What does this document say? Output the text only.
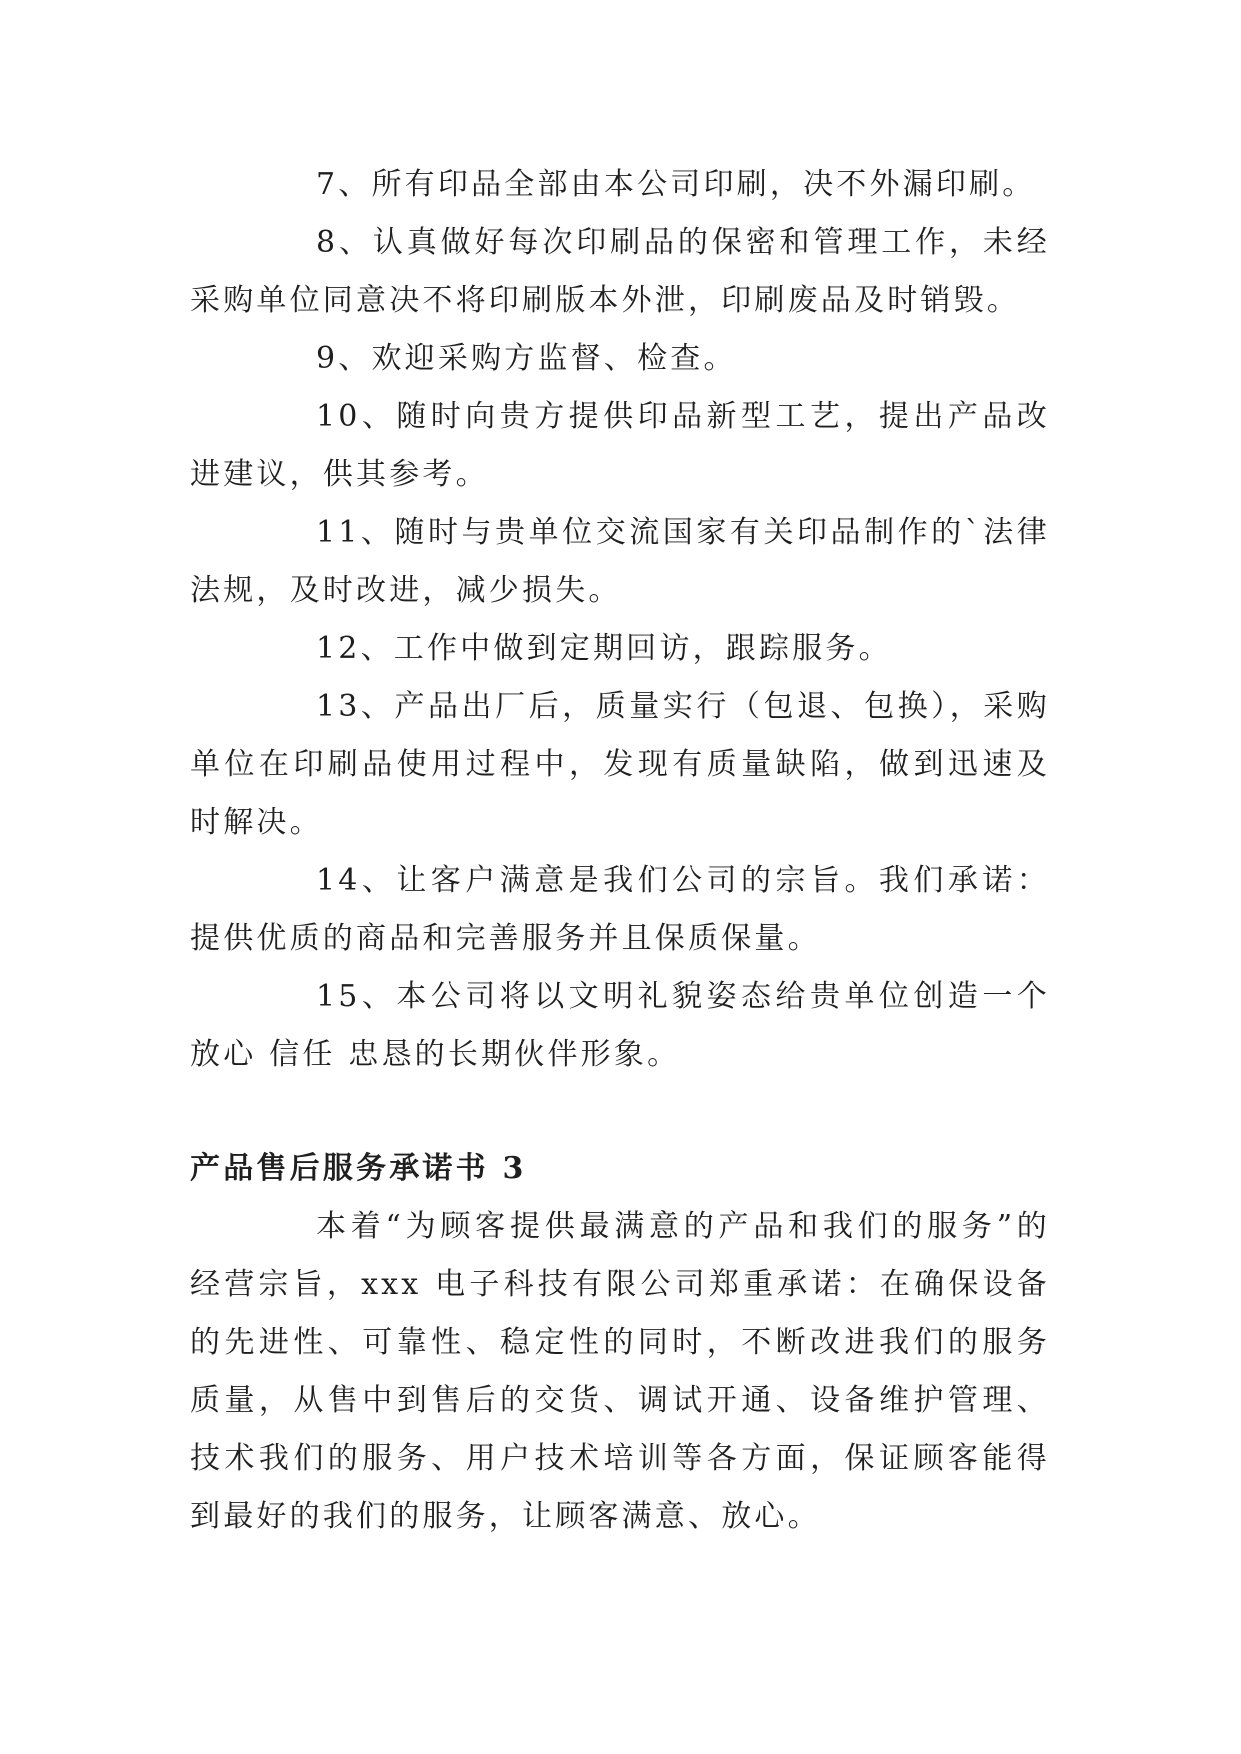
7、所有印品全部由本公司印刷，决不外漏印刷。

8、认真做好每次印刷品的保密和管理工作，未经采购单位同意决不将印刷版本外泄，印刷废品及时销毁。

9、欢迎采购方监督、检查。

10、随时向贵方提供印品新型工艺，提出产品改进建议，供其参考。

11、随时与贵单位交流国家有关印品制作的`法律法规，及时改进，减少损失。

12、工作中做到定期回访，跟踪服务。

13、产品出厂后，质量实行（包退、包换），采购单位在印刷品使用过程中，发现有质量缺陷，做到迅速及时解决。

14、让客户满意是我们公司的宗旨。我们承诺：提供优质的商品和完善服务并且保质保量。

15、本公司将以文明礼貌姿态给贵单位创造一个放心 信任 忠恳的长期伙伴形象。

产品售后服务承诺书 3

本着“为顾客提供最满意的产品和我们的服务”的经营宗旨，xxx 电子科技有限公司郑重承诺：在确保设备的先进性、可靠性、稳定性的同时，不断改进我们的服务质量，从售中到售后的交货、调试开通、设备维护管理、技术我们的服务、用户技术培训等各方面，保证顾客能得到最好的我们的服务，让顾客满意、放心。
